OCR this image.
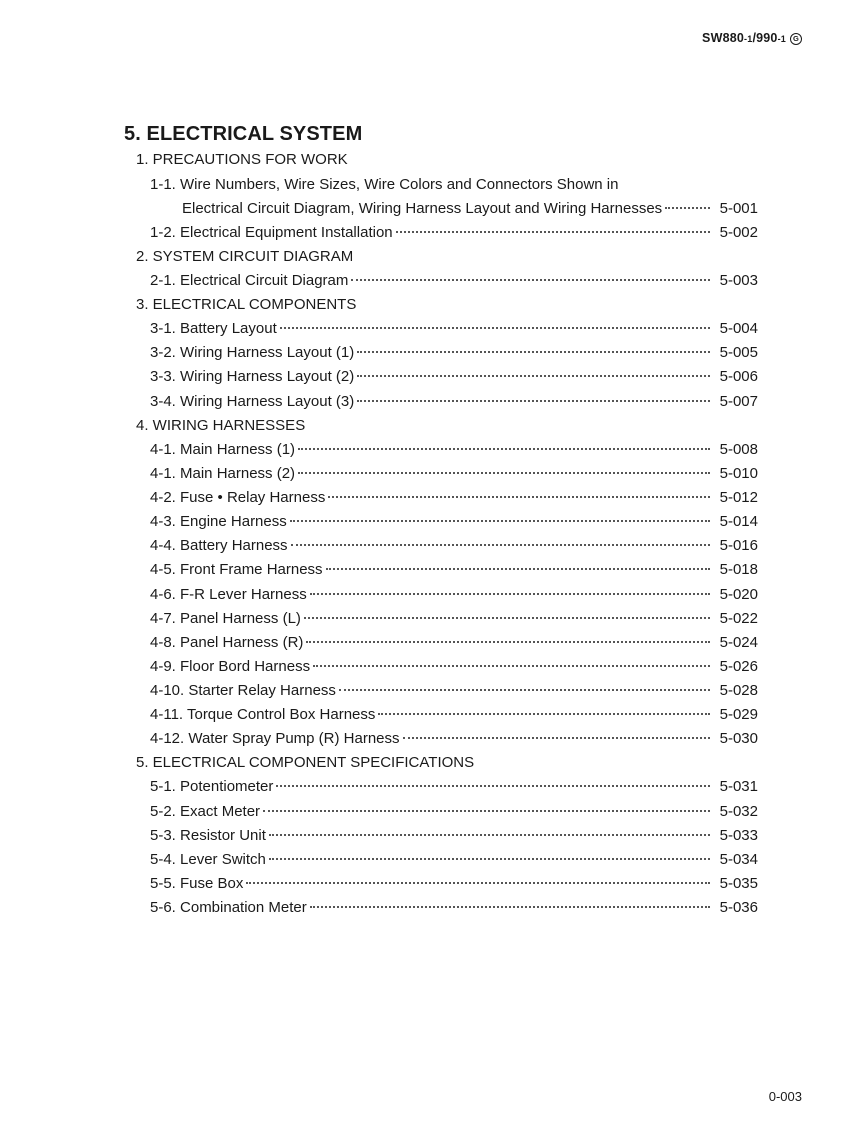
SW880 -1 /990 -1 G
5. ELECTRICAL SYSTEM
1. PRECAUTIONS FOR WORK
1-1. Wire Numbers, Wire Sizes, Wire Colors and Connectors Shown in
Electrical Circuit Diagram, Wiring Harness Layout and Wiring Harnesses	5-001
1-2. Electrical Equipment Installation	5-002
2. SYSTEM CIRCUIT DIAGRAM
2-1. Electrical Circuit Diagram	5-003
3. ELECTRICAL COMPONENTS
3-1. Battery Layout	5-004
3-2. Wiring Harness Layout (1)	5-005
3-3. Wiring Harness Layout (2)	5-006
3-4. Wiring Harness Layout (3)	5-007
4. WIRING HARNESSES
4-1. Main Harness (1)	5-008
4-1. Main Harness (2)	5-010
4-2. Fuse • Relay Harness	5-012
4-3. Engine Harness	5-014
4-4. Battery Harness	5-016
4-5. Front Frame Harness	5-018
4-6. F-R Lever Harness	5-020
4-7. Panel Harness (L)	5-022
4-8. Panel Harness (R)	5-024
4-9. Floor Bord Harness	5-026
4-10. Starter Relay Harness	5-028
4-11. Torque Control Box Harness	5-029
4-12. Water Spray Pump (R) Harness	5-030
5. ELECTRICAL COMPONENT SPECIFICATIONS
5-1. Potentiometer	5-031
5-2. Exact Meter	5-032
5-3. Resistor Unit	5-033
5-4. Lever Switch	5-034
5-5. Fuse Box	5-035
5-6. Combination Meter	5-036
0-003
